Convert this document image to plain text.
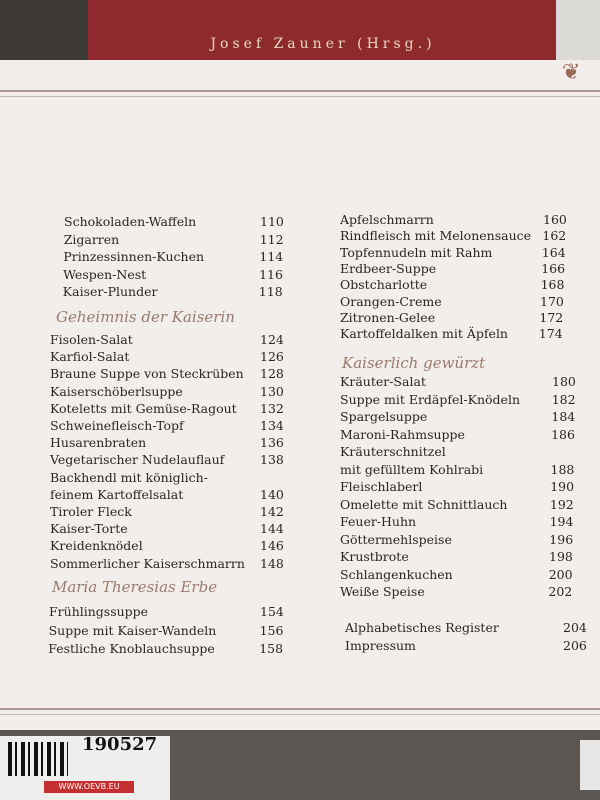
Josef Zauner (Hrsg.)
❦
Schokoladen-Waffeln	110
Zigarren	112
Prinzessinnen-Kuchen	114
Wespen-Nest	116
Kaiser-Plunder	118
Geheimnis der Kaiserin
Fisolen-Salat	124
Karfiol-Salat	126
Braune Suppe von Steckrüben 128
Kaiserschöberlsuppe	130
Koteletts mit Gemüse-Ragout 132
Schweinefleisch-Topf	134
Husarenbraten	136
Vegetarischer Nudelauflauf	138
Backhendl mit königlich-
feinem Kartoffelsalat	140
Tiroler Fleck	142
Kaiser-Torte	144
Kreidenknödel	146
Sommerlicher Kaiserschmarrn 148
Maria Theresias Erbe
Frühlingssuppe	154
Suppe mit Kaiser-Wandeln	156
Festliche Knoblauchsuppe	158
Apfelschmarrn	160
Rindfleisch mit Melonensauce 162
Topfennudeln mit Rahm	164
Erdbeer-Suppe	166
Obstcharlotte	168
Orangen-Creme	170
Zitronen-Gelee	172
Kartoffeldalken mit Äpfeln 174
Kaiserlich gewürzt
Kräuter-Salat	180
Suppe mit Erdäpfel-Knödeln	182
Spargelsuppe	184
Maroni-Rahmsuppe	186
Kräuterschnitzel
mit gefülltem Kohlrabi	188
Fleischlaberl	190
Omelette mit Schnittlauch	192
Feuer-Huhn	194
Göttermehlspeise	196
Krustbrote	198
Schlangenkuchen	200
Weiße Speise	202
Alphabetisches Register	204
Impressum	206
190527
WWW.OEVB.EU
